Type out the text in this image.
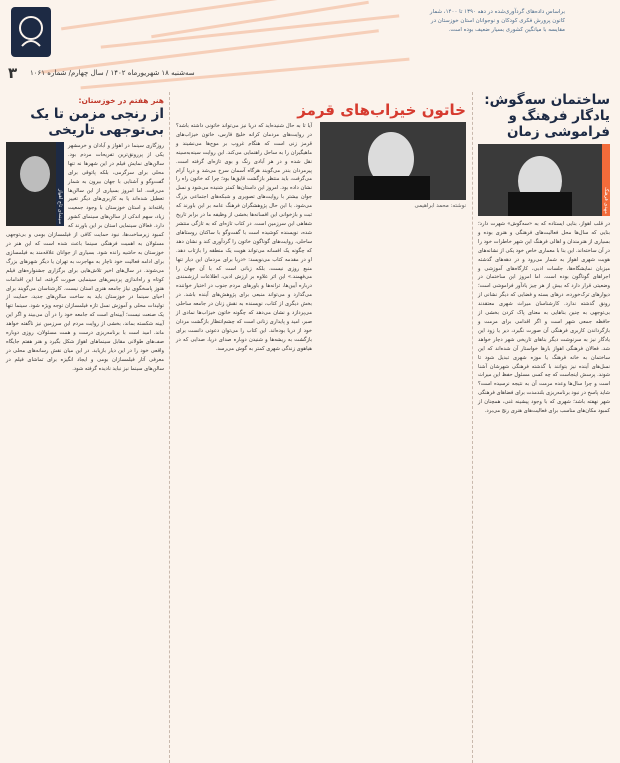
۳ سه‌شنبه ۱۸ شهریورماه ۱۴۰۲ / سال چهارم/ شماره ۱۰۶۱
براساس داده‌های گردآوری‌شده در دهه ۱۳۹۰ تا ۱۴۰۰، شمار کانون پرورش فکری کودکان و نوجوانان استان خوزستان در مقایسه با میانگین کشوری بسیار ضعیف بوده است.
ساختمان سه‌گوش: یادگار فرهنگ و فراموشی زمان
مهدی فرهنگ
در قلب اهواز، بنایی ایستاده که به «سه‌گوش» شهرت دارد؛ بنایی که سال‌ها محل فعالیت‌های فرهنگی و هنری بوده و بسیاری از هنرمندان و اهالی فرهنگ این شهر خاطرات خود را در آن ساخته‌اند. این بنا با معماری خاص خود یکی از نشانه‌های هویت شهری اهواز به شمار می‌رود و در دهه‌های گذشته میزبان نمایشگاه‌ها، جلسات ادبی، کارگاه‌های آموزشی و اجراهای گوناگون بوده است. اما امروز این ساختمان در وضعیتی قرار دارد که بیش از هر چیز یادآور فراموشی است؛ دیوارهای ترک‌خورده، درهای بسته و فضایی که دیگر نشانی از رونق گذشته ندارد. کارشناسان میراث شهری معتقدند بی‌توجهی به چنین بناهایی به معنای پاک کردن بخشی از حافظه جمعی شهر است و اگر اقدامی برای مرمت و بازگرداندن کاربری فرهنگی آن صورت نگیرد، دیر یا زود این یادگار نیز به سرنوشت دیگر بناهای تاریخی شهر دچار خواهد شد. فعالان فرهنگی اهواز بارها خواستار آن شده‌اند که این ساختمان به خانه فرهنگ یا موزه شهری تبدیل شود تا نسل‌های آینده نیز بتوانند با گذشته فرهنگی شهرشان آشنا شوند. پرسش اینجاست که چه کسی مسئول حفظ این میراث است و چرا سال‌ها وعده مرمت آن به نتیجه نرسیده است؟ شاید پاسخ در نبود برنامه‌ریزی بلندمدت برای فضاهای فرهنگی شهر نهفته باشد؛ شهری که با وجود پیشینه غنی، همچنان از کمبود مکان‌های مناسب برای فعالیت‌های هنری رنج می‌برد.
خاتون خیزاب‌های قرمز
نوشته: محمد ابراهیمی
آیا تا به حال شنیده‌اید که دریا نیز می‌تواند خاتونی داشته باشد؟ در روایت‌های مردمان کرانه خلیج فارس، خاتون خیزاب‌های قرمز زنی است که هنگام غروب بر موج‌ها می‌نشیند و ماهیگیران را به ساحل راهنمایی می‌کند. این روایت سینه‌به‌سینه نقل شده و در هر آبادی رنگ و بوی تازه‌ای گرفته است. پیرمردان بندر می‌گویند هرگاه آسمان سرخ می‌شد و دریا آرام می‌گرفت، باید منتظر بازگشت قایق‌ها بود؛ چرا که خاتون راه را نشان داده بود. امروز این داستان‌ها کمتر شنیده می‌شود و نسل جوان بیشتر با روایت‌های تصویری و شبکه‌های اجتماعی بزرگ می‌شود. با این حال پژوهشگران فرهنگ عامه بر این باورند که ثبت و بازخوانی این افسانه‌ها بخشی از وظیفه ما در برابر تاریخ شفاهی این سرزمین است. در کتاب تازه‌ای که به تازگی منتشر شده، نویسنده کوشیده است با گفت‌وگو با ساکنان روستاهای ساحلی، روایت‌های گوناگون خاتون را گردآوری کند و نشان دهد که چگونه یک افسانه می‌تواند هویت یک منطقه را بازتاب دهد. او در مقدمه کتاب می‌نویسد: «دریا برای مردمان این دیار تنها منبع روزی نیست، بلکه زبانی است که با آن جهان را می‌فهمند.» این اثر علاوه بر ارزش ادبی، اطلاعات ارزشمندی درباره آیین‌ها، ترانه‌ها و باورهای مردم جنوب در اختیار خواننده می‌گذارد و می‌تواند منبعی برای پژوهش‌های آینده باشد. در بخش دیگری از کتاب، نویسنده به نقش زنان در جامعه ساحلی می‌پردازد و نشان می‌دهد که چگونه خاتون خیزاب‌ها نمادی از صبر، امید و پایداری زنانی است که چشم‌انتظار بازگشت مردان خود از دریا بوده‌اند. این کتاب را می‌توان دعوتی دانست برای بازگشت به ریشه‌ها و شنیدن دوباره صدای دریا، صدایی که در هیاهوی زندگی شهری کمتر به گوش می‌رسد.
هنر هفتم در خوزستان:
از رنجی مزمن تا یک بی‌توجهی تاریخی
سینمای تاج اهواز
روزگاری سینما در اهواز و آبادان و خرمشهر یکی از پررونق‌ترین تفریحات مردم بود. سالن‌های نمایش فیلم در این شهرها نه تنها محلی برای سرگرمی، بلکه پاتوقی برای گفت‌وگو و آشنایی با جهان بیرون به شمار می‌رفت. اما امروز بسیاری از این سالن‌ها تعطیل شده‌اند یا به کاربری‌های دیگر تغییر یافته‌اند و استان خوزستان با وجود جمعیت زیاد، سهم اندکی از سالن‌های سینمای کشور دارد. فعالان سینمایی استان بر این باورند که کمبود زیرساخت‌ها، نبود حمایت کافی از فیلمسازان بومی و بی‌توجهی مسئولان به اهمیت فرهنگی سینما باعث شده است که این هنر در خوزستان به حاشیه رانده شود. بسیاری از جوانان علاقه‌مند به فیلمسازی برای ادامه فعالیت خود ناچار به مهاجرت به تهران یا دیگر شهرهای بزرگ می‌شوند. در سال‌های اخیر تلاش‌هایی برای برگزاری جشنواره‌های فیلم کوتاه و راه‌اندازی پردیس‌های سینمایی صورت گرفته، اما این اقدامات هنوز پاسخگوی نیاز جامعه هنری استان نیست. کارشناسان می‌گویند برای احیای سینما در خوزستان باید به ساخت سالن‌های جدید، حمایت از تولیدات محلی و آموزش نسل تازه فیلمسازان توجه ویژه شود. سینما تنها یک صنعت نیست؛ آیینه‌ای است که جامعه خود را در آن می‌بیند و اگر این آیینه شکسته بماند، بخشی از روایت مردم این سرزمین نیز ناگفته خواهد ماند. امید است با برنامه‌ریزی درست و همت مسئولان، روزی دوباره صف‌های طولانی مقابل سینماهای اهواز شکل بگیرد و هنر هفتم جایگاه واقعی خود را در این دیار بازیابد. در این میان نقش رسانه‌های محلی در معرفی آثار فیلمسازان بومی و ایجاد انگیزه برای تماشای فیلم در سالن‌های سینما نیز نباید نادیده گرفته شود.
